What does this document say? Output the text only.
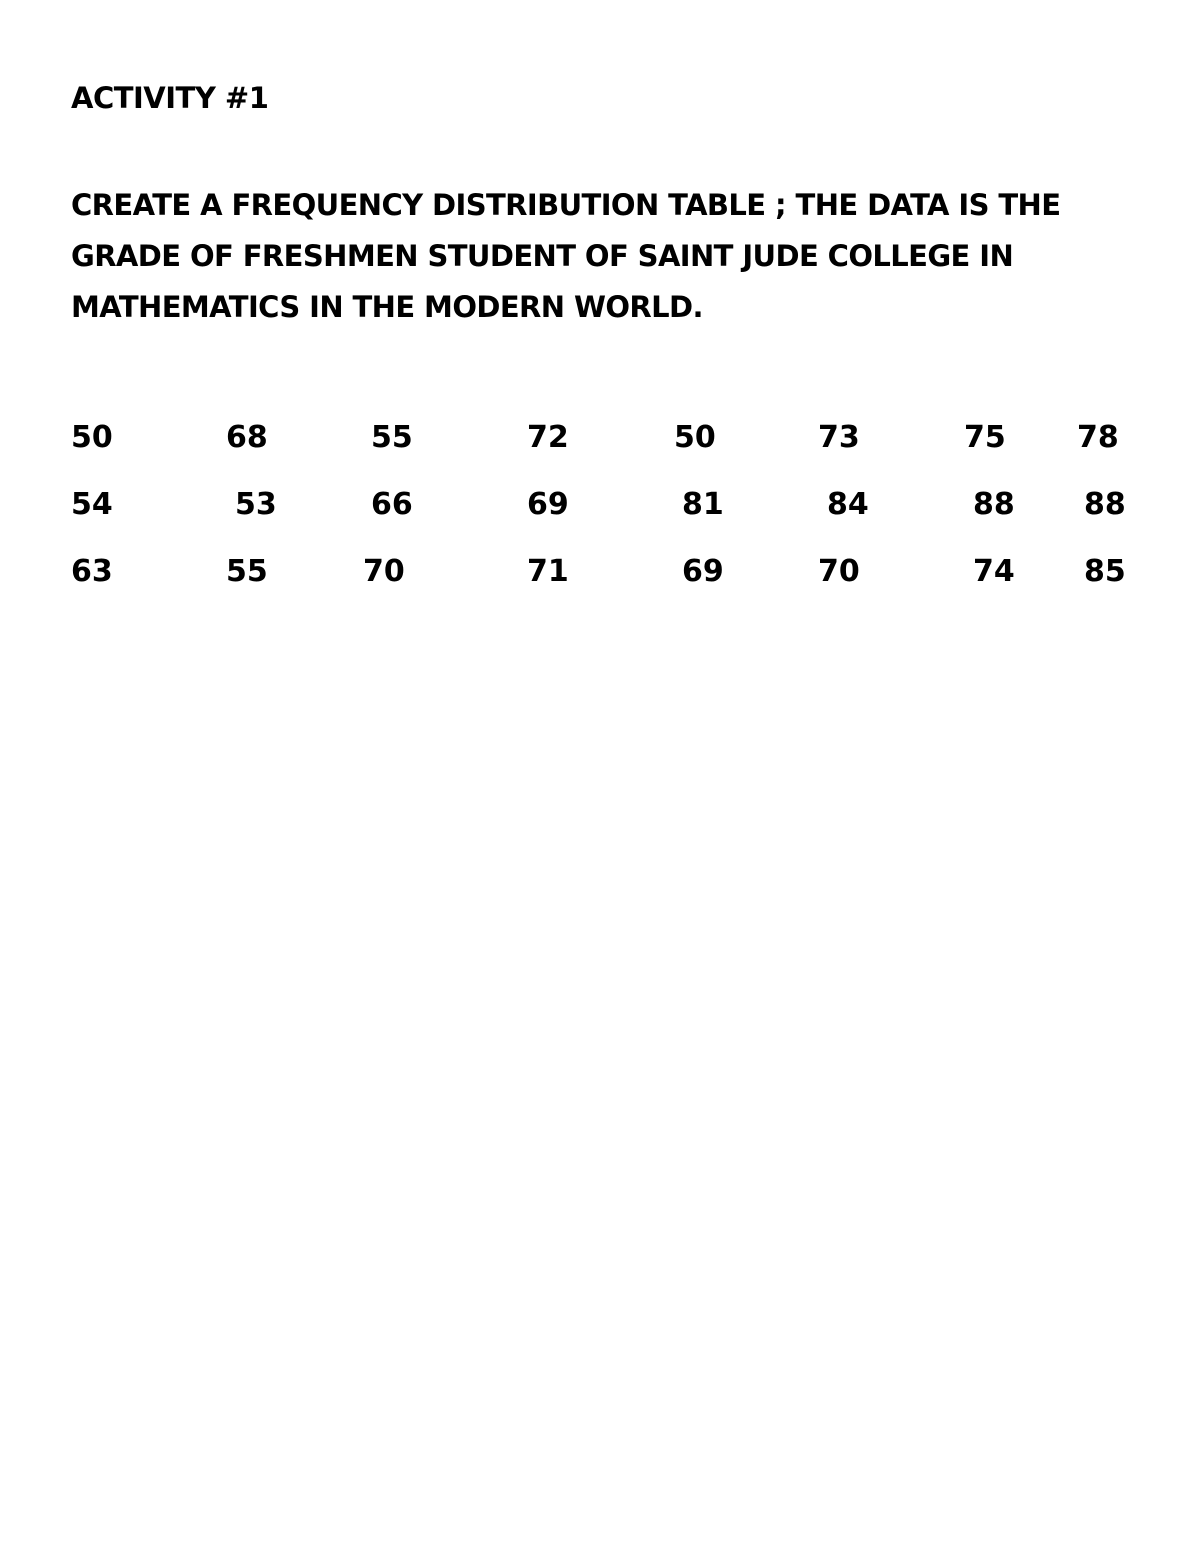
ACTIVITY #1
CREATE A FREQUENCY DISTRIBUTION TABLE ; THE DATA IS THE
GRADE OF FRESHMEN STUDENT OF SAINT JUDE COLLEGE IN
MATHEMATICS IN THE MODERN WORLD.
50	68	55	72	50	73	75 78
54	53	66	69	81	84	88 88
63	55	70	71	69	70	74 85
